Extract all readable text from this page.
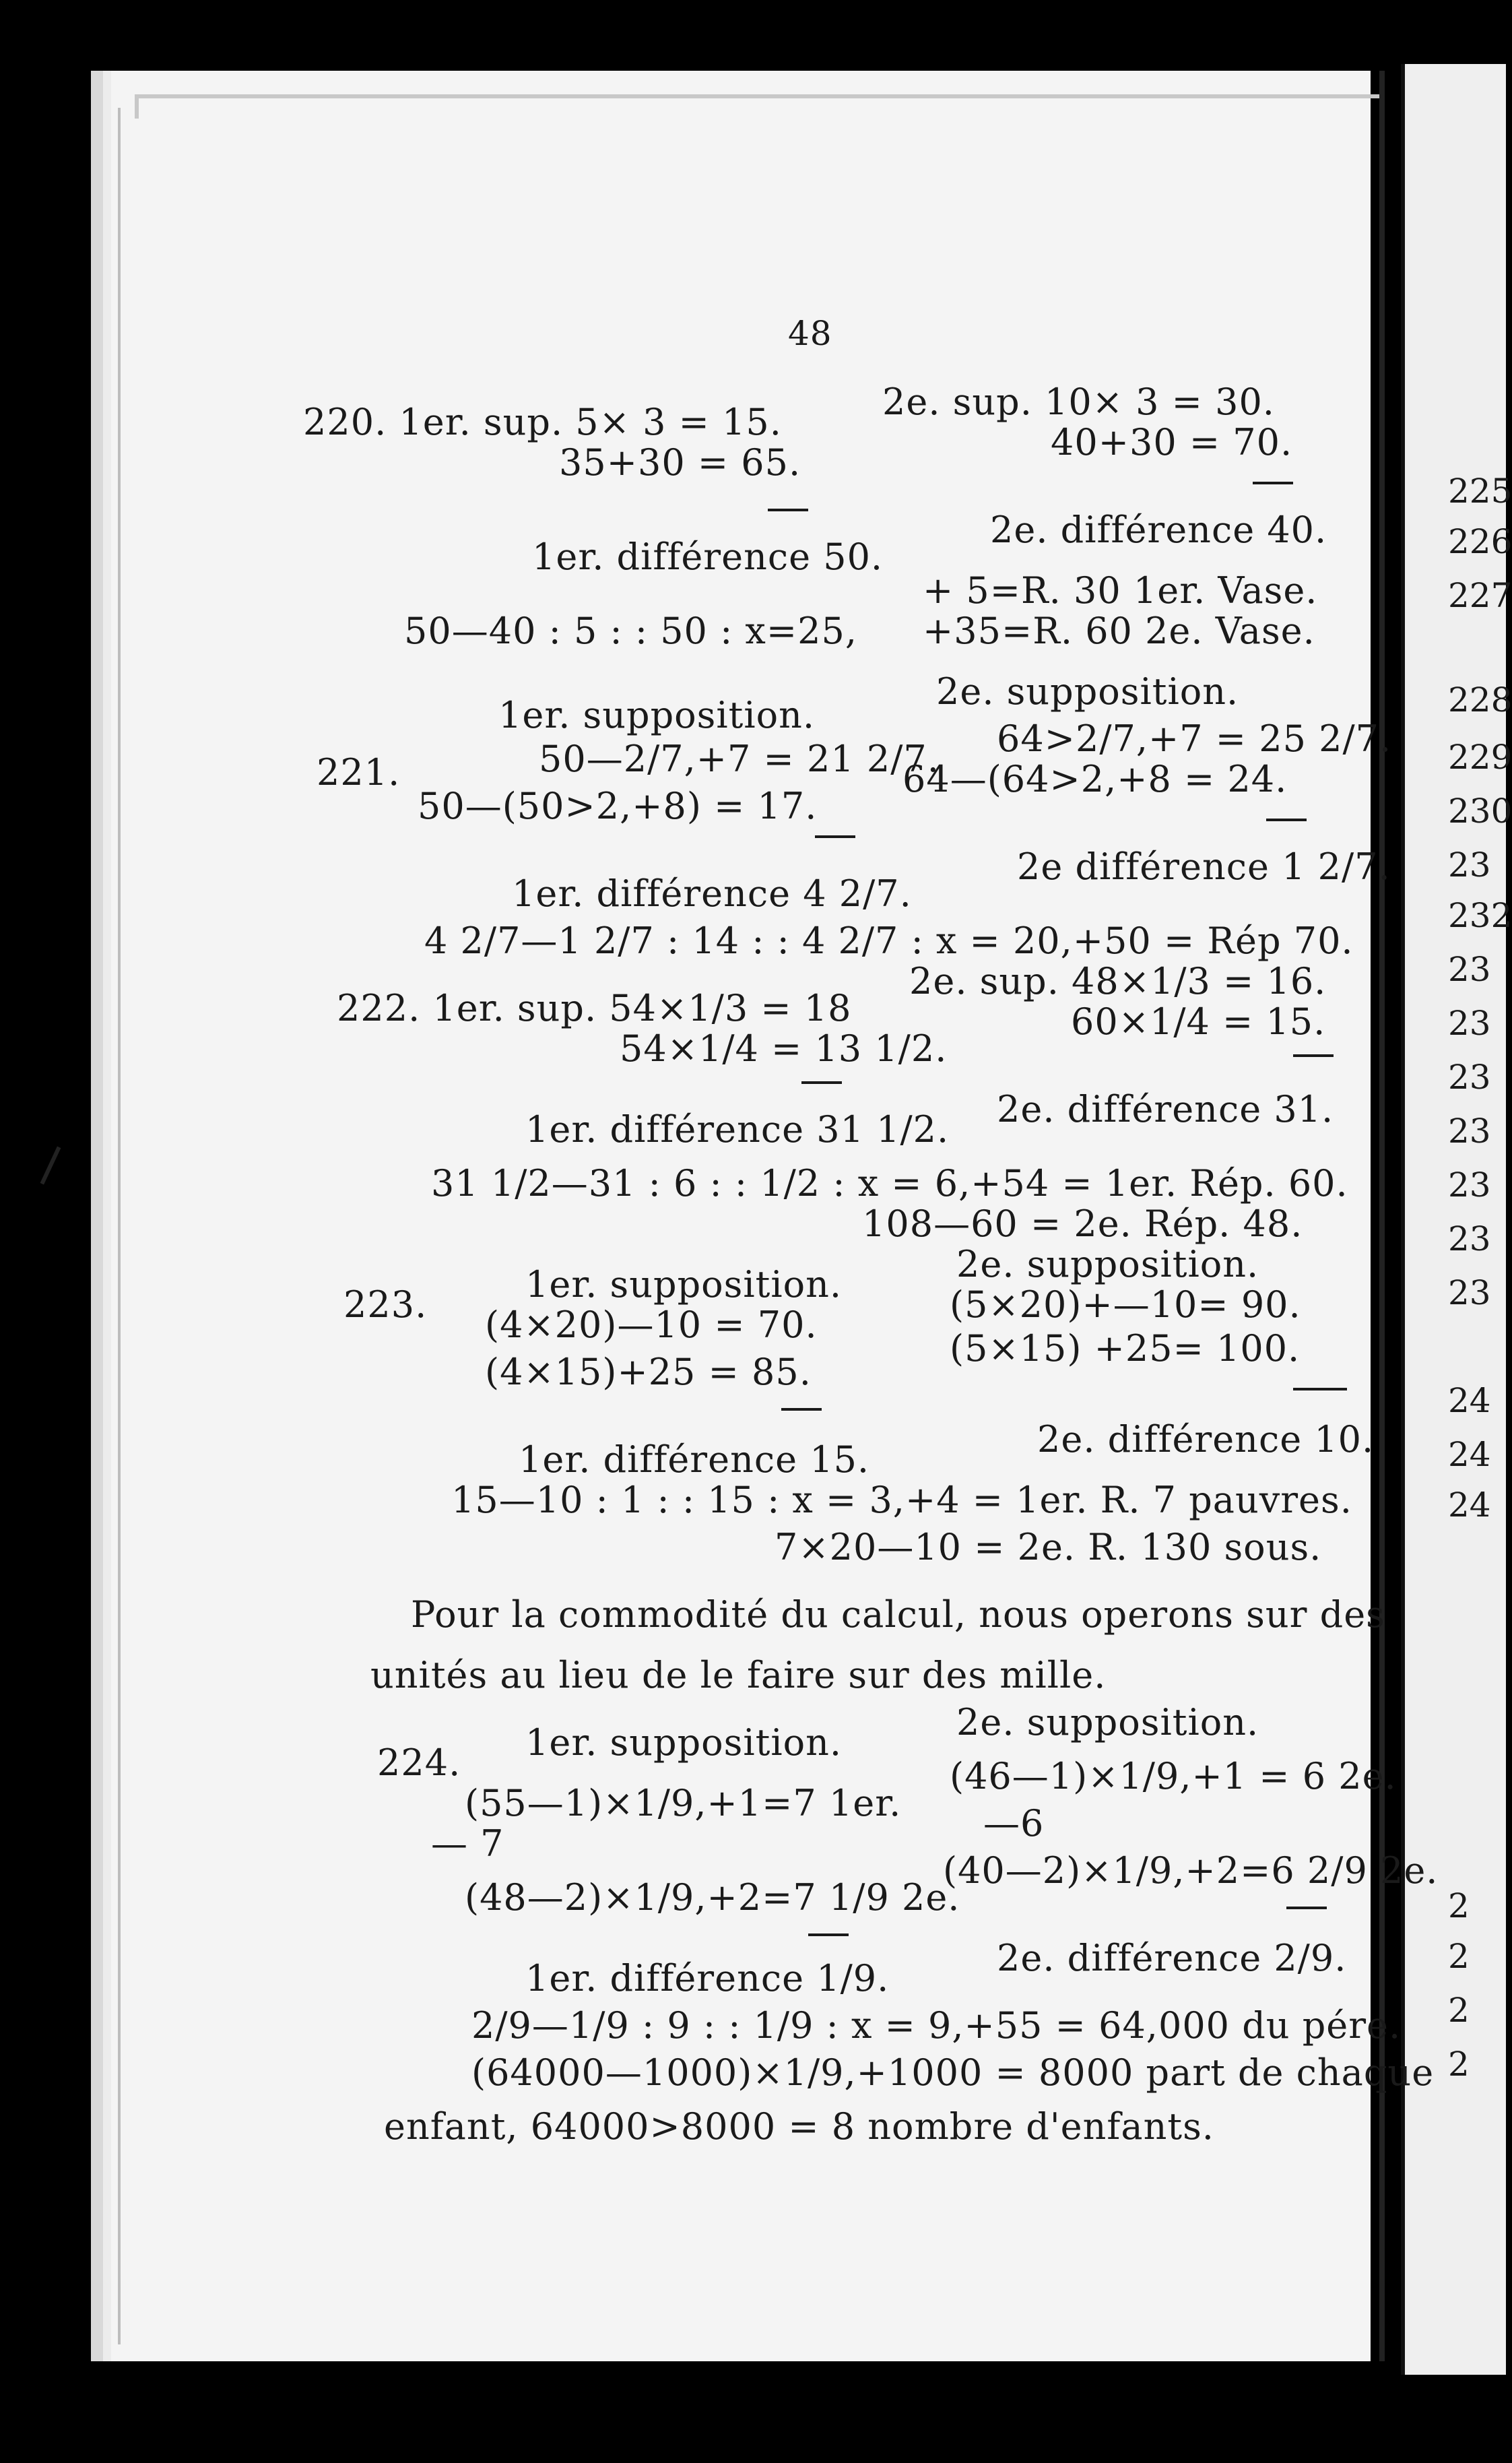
48
220. 1er. sup. 5× 3 = 15.	2e. sup. 10× 3 = 30.
35+30 = 65.	40+30 = 70.
1er. différence 50.
2e. différence 40.
+ 5=R. 30 1er. Vase.
50—40 : 5 : : 50 : x=25, +35=R. 60 2e. Vase.
1er. supposition.
2e. supposition.
221.	50—2/7,+7 = 21 2/7. 64>2/7,+7 = 25 2/7.
50—(50>2,+8) = 17.
64—(64>2,+8 = 24.
1er. différence 4 2/7.
2e différence 1 2/7.
4 2/7—1 2/7 : 14 : : 4 2/7 : x = 20,+50 = Rép 70.
222. 1er. sup. 54×1/3 = 18
2e. sup. 48×1/3 = 16.
54×1/4 = 13 1/2.
60×1/4 = 15.
1er. différence 31 1/2. 2e. différence 31.
31 1/2—31 : 6 : : 1/2 : x = 6,+54 = 1er. Rép. 60.
108—60 = 2e. Rép. 48.
223.	1er. supposition.	2e. supposition.
(4×20)—10 = 70.	(5×20)+—10= 90.
(4×15)+25 = 85.
(5×15) +25= 100.
1er. différence 15.	2e. différence 10.
15—10 : 1 : : 15 : x = 3,+4 = 1er. R. 7 pauvres.
7×20—10 = 2e. R. 130 sous.
Pour la commodité du calcul, nous operons sur des
unités au lieu de le faire sur des mille.
224. 1er. supposition.	2e. supposition.
(55—1)×1/9,+1=7 1er.
(46—1)×1/9,+1 = 6 2e.
— 7	—6
(48—2)×1/9,+2=7 1/9 2e.
(40—2)×1/9,+2=6 2/9 2e.
1er. différence 1/9.	2e. différence 2/9.
2/9—1/9 : 9 : : 1/9 : x = 9,+55 = 64,000 du pére.
(64000—1000)×1/9,+1000 = 8000 part de chaque
enfant, 64000>8000 = 8 nombre d'enfants.
225
226
227
228
229
230
23
232
23
23
23
23
23
23
23
24
24
24
2
2
2
2
